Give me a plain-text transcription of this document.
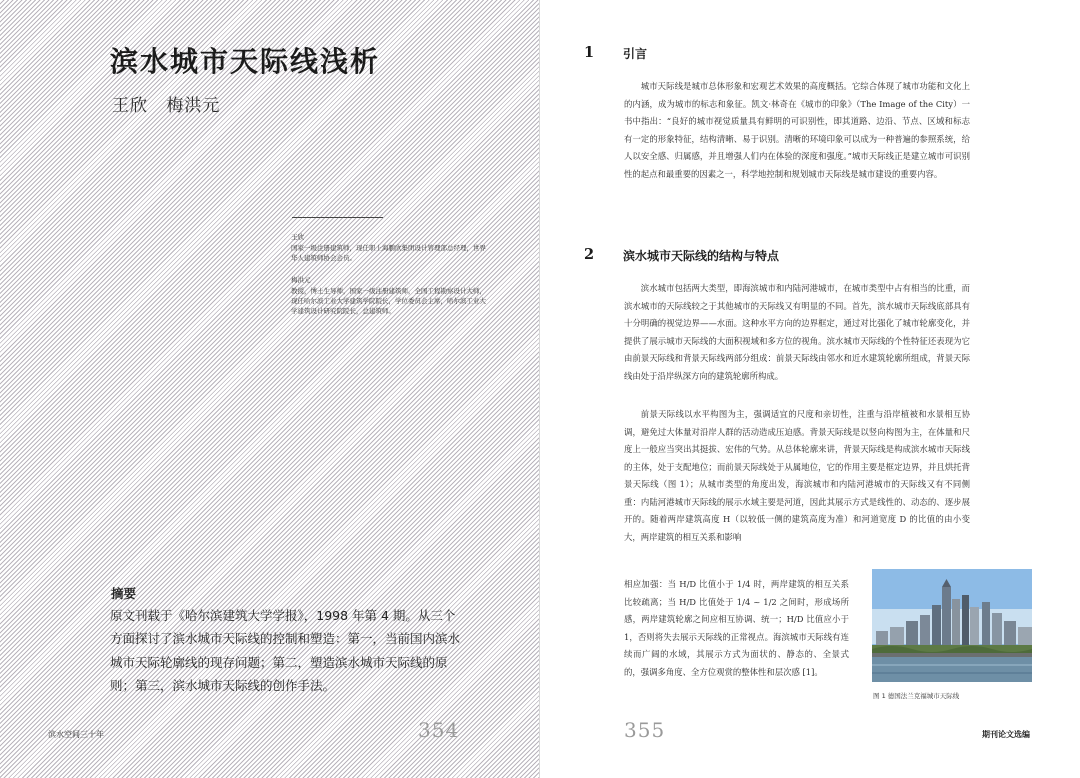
滨水城市天际线浅析
王欣 梅洪元
王欣
国家一级注册建筑师，现任职上海鹏欣集团设计管理部总经理，世界华人建筑师协会会员。
梅洪元
教授，博士生导师，国家一级注册建筑师，全国工程勘察设计大师，现任哈尔滨工业大学建筑学院院长，学位委员会主席，哈尔滨工业大学建筑设计研究院院长，总建筑师。
摘要
原文刊载于《哈尔滨建筑大学学报》，1998 年第 4 期。从三个方面探讨了滨水城市天际线的控制和塑造：第一，当前国内滨水城市天际轮廓线的现存问题；第二，塑造滨水城市天际线的原则；第三，滨水城市天际线的创作手法。
滨水空间三十年	354
1 引言

城市天际线是城市总体形象和宏观艺术效果的高度概括。它综合体现了城市功能和文化上的内涵，成为城市的标志和象征。凯文·林奇在《城市的印象》（The Image of the City）一书中指出：“良好的城市视觉质量具有鲜明的可识别性，即其道路、边沿、节点、区域和标志有一定的形象特征，结构清晰、易于识别。清晰的环境印象可以成为一种普遍的参照系统，给人以安全感、归属感，并且增强人们内在体验的深度和强度。”城市天际线正是建立城市可识别性的起点和最重要的因素之一，科学地控制和规划城市天际线是城市建设的重要内容。

2 滨水城市天际线的结构与特点

滨水城市包括两大类型，即海滨城市和内陆河港城市，在城市类型中占有相当的比重，而滨水城市的天际线较之于其他城市的天际线又有明显的不同。首先，滨水城市天际线底部具有十分明确的视觉边界——水面。这种水平方向的边界框定，通过对比强化了城市轮廓变化，并提供了展示城市天际线的大面积视域和多方位的视角。滨水城市天际线的个性特征还表现为它由前景天际线和背景天际线两部分组成：前景天际线由邻水和近水建筑轮廓所组成，背景天际线由处于沿岸纵深方向的建筑轮廓所构成。

前景天际线以水平构图为主，强调适宜的尺度和亲切性，注重与沿岸植被和水景相互协调，避免过大体量对沿岸人群的活动造成压迫感。背景天际线是以竖向构图为主，在体量和尺度上一般应当突出其挺拔、宏伟的气势。从总体轮廓来讲，背景天际线是构成滨水城市天际线的主体，处于支配地位；而前景天际线处于从属地位，它的作用主要是框定边界，并且烘托背景天际线（图 1）；从城市类型的角度出发，海滨城市和内陆河港城市的天际线又有不同侧重：内陆河港城市天际线的展示水域主要是河道，因此其展示方式是线性的、动态的、逐步展开的。随着两岸建筑高度 H（以较低一侧的建筑高度为准）和河道宽度 D 的比值的由小变大，两岸建筑的相互关系和影响

相应加强：当 H/D 比值小于 1/4 时，两岸建筑的相互关系比较疏离；当 H/D 比值处于 1/4 ~ 1/2 之间时，形成场所感，两岸建筑轮廓之间应相互协调、统一；H/D 比值应小于 1，否则将失去展示天际线的正常视点。海滨城市天际线有连续而广阔的水域，其展示方式为面状的、静态的、全景式的，强调多角度、全方位观赏的整体性和层次感 [1]。

图 1 德国法兰克福城市天际线
355	期刊论文选编
